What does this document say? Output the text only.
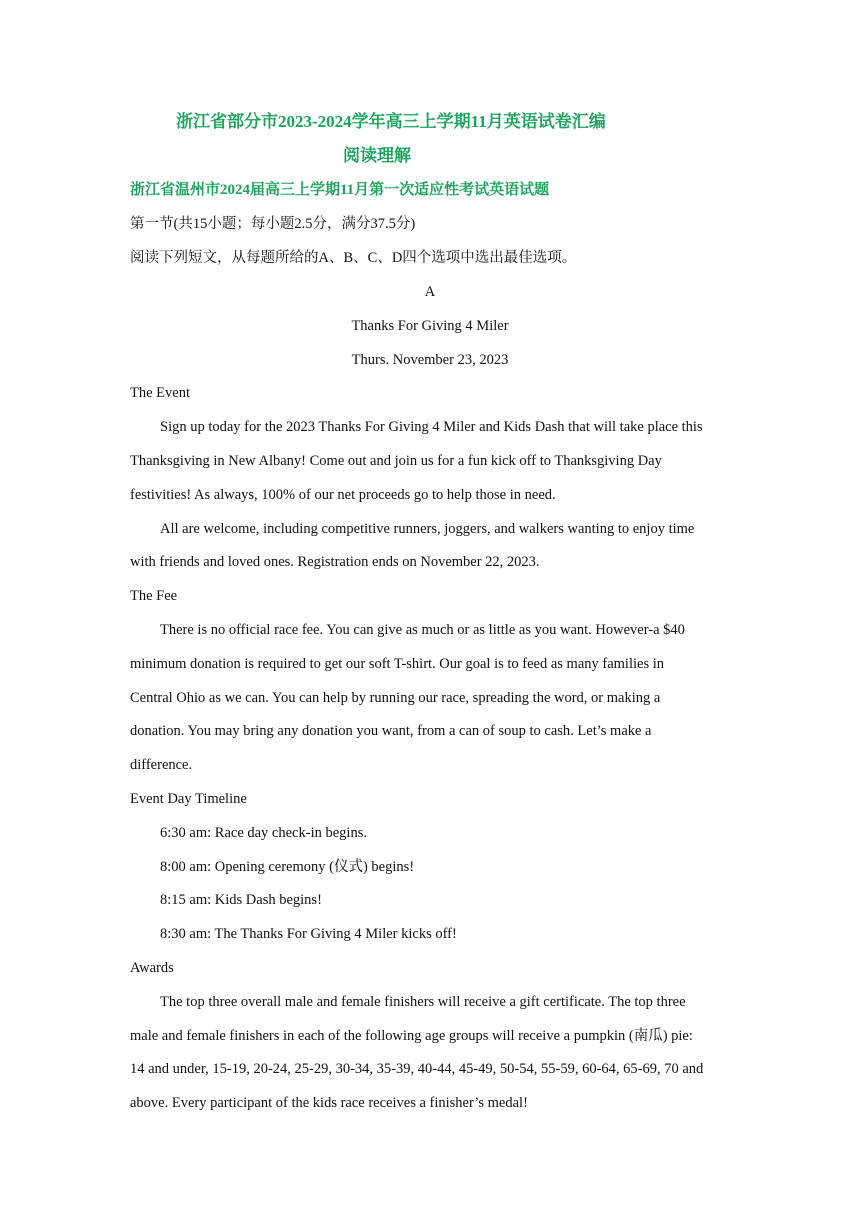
浙江省部分市2023-2024学年高三上学期11月英语试卷汇编
阅读理解
浙江省温州市2024届高三上学期11月第一次适应性考试英语试题
第一节(共15小题；每小题2.5分，满分37.5分)
阅读下列短文，从每题所给的A、B、C、D四个选项中选出最佳选项。
A
Thanks For Giving 4 Miler
Thurs. November 23, 2023
The Event
Sign up today for the 2023 Thanks For Giving 4 Miler and Kids Dash that will take place this
Thanksgiving in New Albany! Come out and join us for a fun kick off to Thanksgiving Day
festivities! As always, 100% of our net proceeds go to help those in need.
All are welcome, including competitive runners, joggers, and walkers wanting to enjoy time
with friends and loved ones. Registration ends on November 22, 2023.
The Fee
There is no official race fee. You can give as much or as little as you want. However-a $40
minimum donation is required to get our soft T-shirt. Our goal is to feed as many families in
Central Ohio as we can. You can help by running our race, spreading the word, or making a
donation. You may bring any donation you want, from a can of soup to cash. Let’s make a
difference.
Event Day Timeline
6:30 am: Race day check-in begins.
8:00 am: Opening ceremony (仪式) begins!
8:15 am: Kids Dash begins!
8:30 am: The Thanks For Giving 4 Miler kicks off!
Awards
The top three overall male and female finishers will receive a gift certificate. The top three
male and female finishers in each of the following age groups will receive a pumpkin (南瓜) pie:
14 and under, 15-19, 20-24, 25-29, 30-34, 35-39, 40-44, 45-49, 50-54, 55-59, 60-64, 65-69, 70 and
above. Every participant of the kids race receives a finisher’s medal!
